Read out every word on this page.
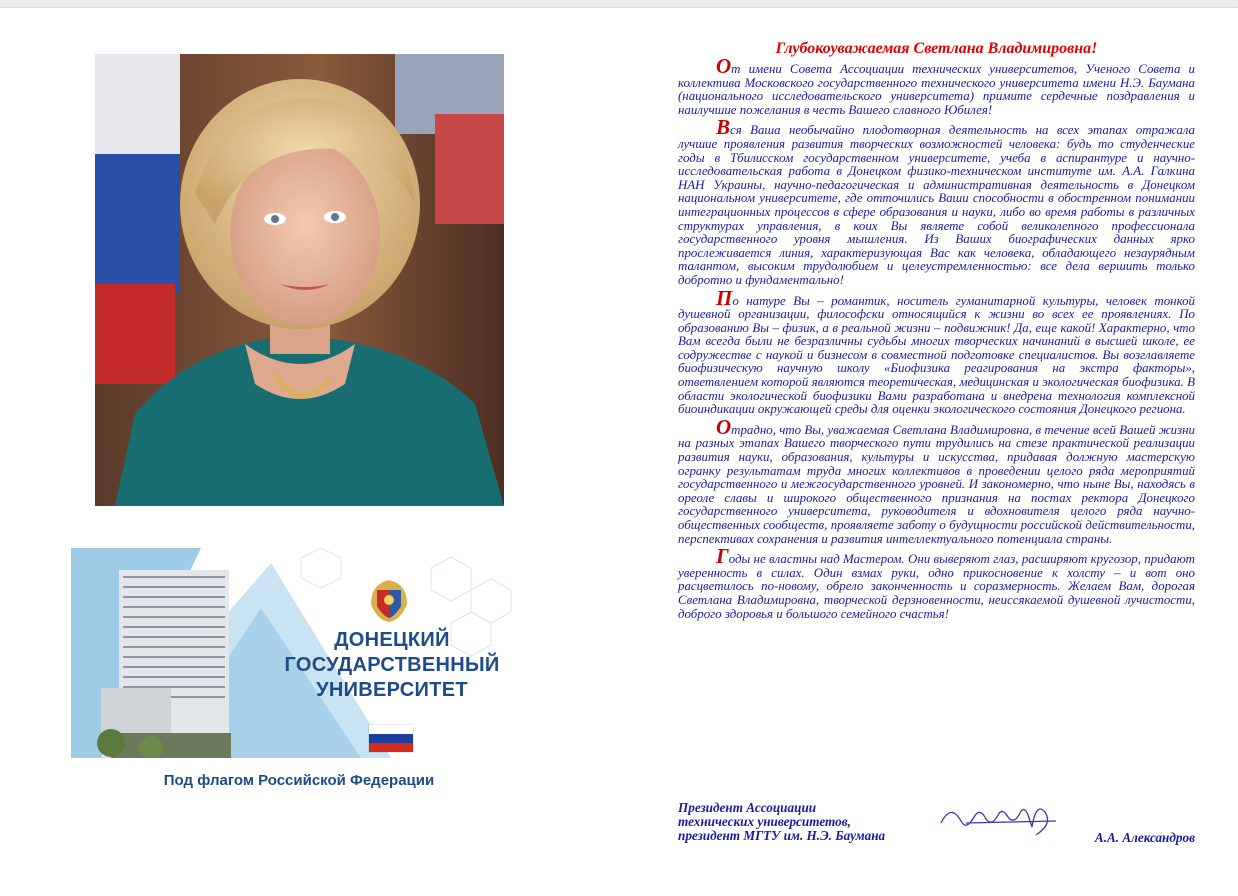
ДОНЕЦКИЙ
ГОСУДАРСТВЕННЫЙ
УНИВЕРСИТЕТ
Под флагом Российской Федерации
Глубокоуважаемая Светлана Владимировна!

От имени Совета Ассоциации технических университетов, Ученого Совета и коллектива Московского государственного технического университета имени Н.Э. Баумана (национального исследовательского университета) примите сердечные поздравления и наилучшие пожелания в честь Вашего славного Юбилея!

Вся Ваша необычайно плодотворная деятельность на всех этапах отражала лучшие проявления развития творческих возможностей человека: будь то студенческие годы в Тбилисском государственном университете, учеба в аспирантуре и научно-исследовательская работа в Донецком физико-техническом институте им. А.А. Галкина НАН Украины, научно-педагогическая и административная деятельность в Донецком национальном университете, где отточились Ваши способности в обостренном понимании интеграционных процессов в сфере образования и науки, либо во время работы в различных структурах управления, в коих Вы являете собой великолепного профессионала государственного уровня мышления. Из Ваших биографических данных ярко прослеживается линия, характеризующая Вас как человека, обладающего незаурядным талантом, высоким трудолюбием и целеустремленностью: все дела вершить только добротно и фундаментально!

По натуре Вы – романтик, носитель гуманитарной культуры, человек тонкой душевной организации, философски относящийся к жизни во всех ее проявлениях. По образованию Вы – физик, а в реальной жизни – подвижник! Да, еще какой! Характерно, что Вам всегда были не безразличны судьбы многих творческих начинаний в высшей школе, ее содружестве с наукой и бизнесом в совместной подготовке специалистов. Вы возглавляете биофизическую научную школу «Биофизика реагирования на экстра факторы», ответвлением которой являются теоретическая, медицинская и экологическая биофизика. В области экологической биофизики Вами разработана и внедрена технология комплексной биоиндикации окружающей среды для оценки экологического состояния Донецкого региона.

Отрадно, что Вы, уважаемая Светлана Владимировна, в течение всей Вашей жизни на разных этапах Вашего творческого пути трудились на стезе практической реализации развития науки, образования, культуры и искусства, придавая должную мастерскую огранку результатам труда многих коллективов в проведении целого ряда мероприятий государственного и межгосударственного уровней. И закономерно, что ныне Вы, находясь в ореоле славы и широкого общественного признания на постах ректора Донецкого государственного университета, руководителя и вдохновителя целого ряда научно-общественных сообществ, проявляете заботу о будущности российской действительности, перспективах сохранения и развития интеллектуального потенциала страны.

Годы не властны над Мастером. Они выверяют глаз, расширяют кругозор, придают уверенность в силах. Один взмах руки, одно прикосновение к холсту – и вот оно расцветилось по-новому, обрело законченность и соразмерность. Желаем Вам, дорогая Светлана Владимировна, творческой дерзновенности, неиссякаемой душевной лучистости, доброго здоровья и большого семейного счастья!

Президент Ассоциации
технических университетов,
президент МГТУ им. Н.Э. Баумана	А.А. Александров
